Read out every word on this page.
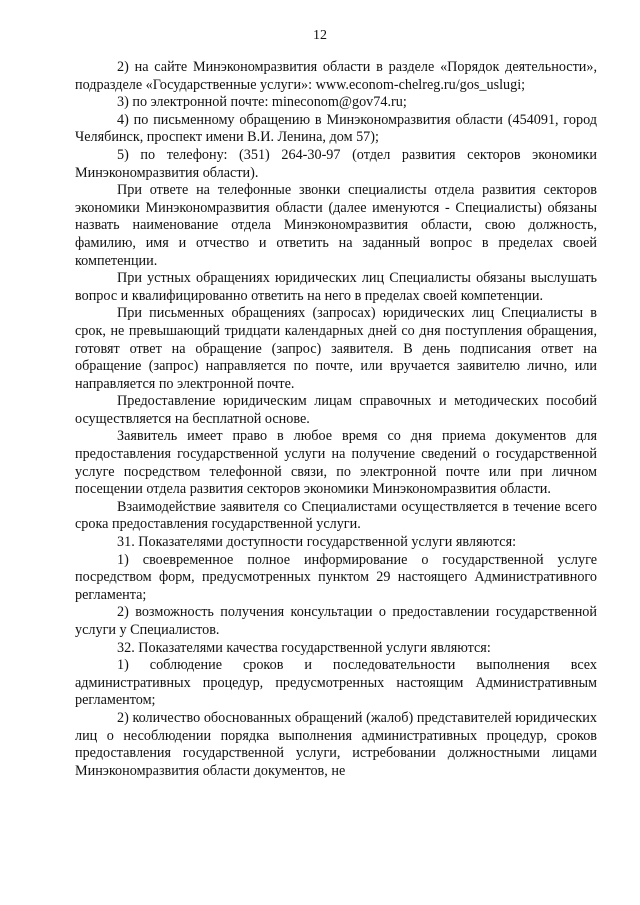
12

2) на сайте Минэкономразвития области в разделе «Порядок деятельности», подразделе «Государственные услуги»: www.econom-chelreg.ru/gos_uslugi;

3) по электронной почте: mineconom@gov74.ru;

4) по письменному обращению в Минэкономразвития области (454091, город Челябинск, проспект имени В.И. Ленина, дом 57);

5) по телефону: (351) 264-30-97 (отдел развития секторов экономики Минэкономразвития области).

При ответе на телефонные звонки специалисты отдела развития секторов экономики Минэкономразвития области (далее именуются - Специалисты) обязаны назвать наименование отдела Минэкономразвития области, свою должность, фамилию, имя и отчество и ответить на заданный вопрос в пределах своей компетенции.

При устных обращениях юридических лиц Специалисты обязаны выслушать вопрос и квалифицированно ответить на него в пределах своей компетенции.

При письменных обращениях (запросах) юридических лиц Специалисты в срок, не превышающий тридцати календарных дней со дня поступления обращения, готовят ответ на обращение (запрос) заявителя. В день подписания ответ на обращение (запрос) направляется по почте, или вручается заявителю лично, или направляется по электронной почте.

Предоставление юридическим лицам справочных и методических пособий осуществляется на бесплатной основе.

Заявитель имеет право в любое время со дня приема документов для предоставления государственной услуги на получение сведений о государственной услуге посредством телефонной связи, по электронной почте или при личном посещении отдела развития секторов экономики Минэкономразвития области.

Взаимодействие заявителя со Специалистами осуществляется в течение всего срока предоставления государственной услуги.

31. Показателями доступности государственной услуги являются:

1) своевременное полное информирование о государственной услуге посредством форм, предусмотренных пунктом 29 настоящего Административного регламента;

2) возможность получения консультации о предоставлении государственной услуги у Специалистов.

32. Показателями качества государственной услуги являются:

1) соблюдение сроков и последовательности выполнения всех административных процедур, предусмотренных настоящим Административным регламентом;

2) количество обоснованных обращений (жалоб) представителей юридических лиц о несоблюдении порядка выполнения административных процедур, сроков предоставления государственной услуги, истребовании должностными лицами Минэкономразвития области документов, не
